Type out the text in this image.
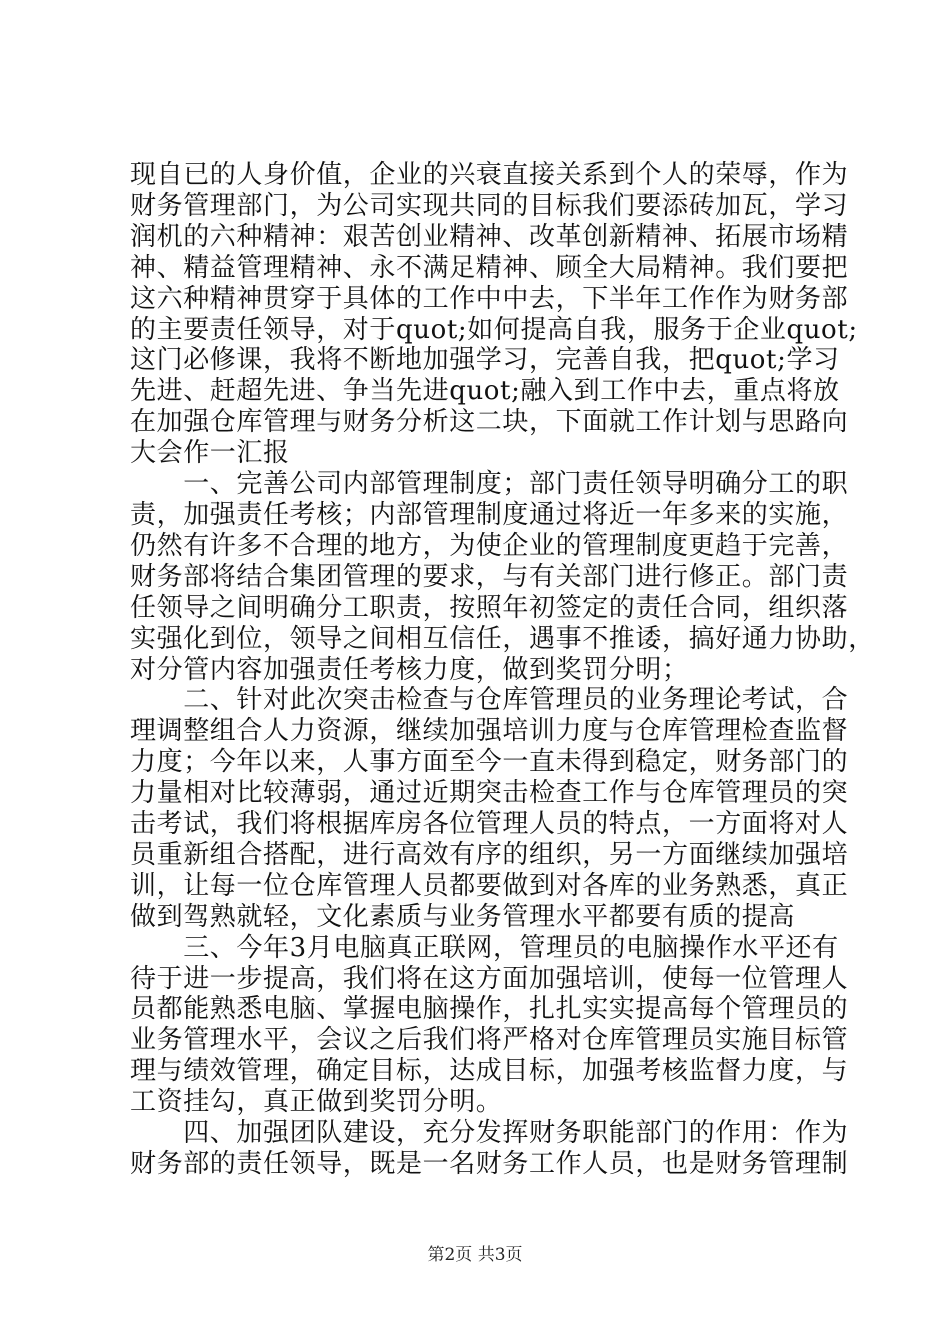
现自已的人身价值，企业的兴衰直接关系到个人的荣辱，作为
财务管理部门，为公司实现共同的目标我们要添砖加瓦，学习
润机的六种精神：艰苦创业精神、改革创新精神、拓展市场精
神、精益管理精神、永不满足精神、顾全大局精神。我们要把
这六种精神贯穿于具体的工作中中去，下半年工作作为财务部
的主要责任领导，对于quot;如何提高自我，服务于企业quot;
这门必修课，我将不断地加强学习，完善自我，把quot;学习
先进、赶超先进、争当先进quot;融入到工作中去，重点将放
在加强仓库管理与财务分析这二块，下面就工作计划与思路向
大会作一汇报
　　一、完善公司内部管理制度；部门责任领导明确分工的职
责，加强责任考核；内部管理制度通过将近一年多来的实施，
仍然有许多不合理的地方，为使企业的管理制度更趋于完善，
财务部将结合集团管理的要求，与有关部门进行修正。部门责
任领导之间明确分工职责，按照年初签定的责任合同，组织落
实强化到位，领导之间相互信任，遇事不推诿，搞好通力协助，
对分管内容加强责任考核力度，做到奖罚分明；
　　二、针对此次突击检查与仓库管理员的业务理论考试，合
理调整组合人力资源，继续加强培训力度与仓库管理检查监督
力度；今年以来，人事方面至今一直未得到稳定，财务部门的
力量相对比较薄弱，通过近期突击检查工作与仓库管理员的突
击考试，我们将根据库房各位管理人员的特点，一方面将对人
员重新组合搭配，进行高效有序的组织，另一方面继续加强培
训，让每一位仓库管理人员都要做到对各库的业务熟悉，真正
做到驾熟就轻，文化素质与业务管理水平都要有质的提高
　　三、今年3月电脑真正联网，管理员的电脑操作水平还有
待于进一步提高，我们将在这方面加强培训，使每一位管理人
员都能熟悉电脑、掌握电脑操作，扎扎实实提高每个管理员的
业务管理水平，会议之后我们将严格对仓库管理员实施目标管
理与绩效管理，确定目标，达成目标，加强考核监督力度，与
工资挂勾，真正做到奖罚分明。
　　四、加强团队建设，充分发挥财务职能部门的作用：作为
财务部的责任领导，既是一名财务工作人员，也是财务管理制
第2页 共3页
